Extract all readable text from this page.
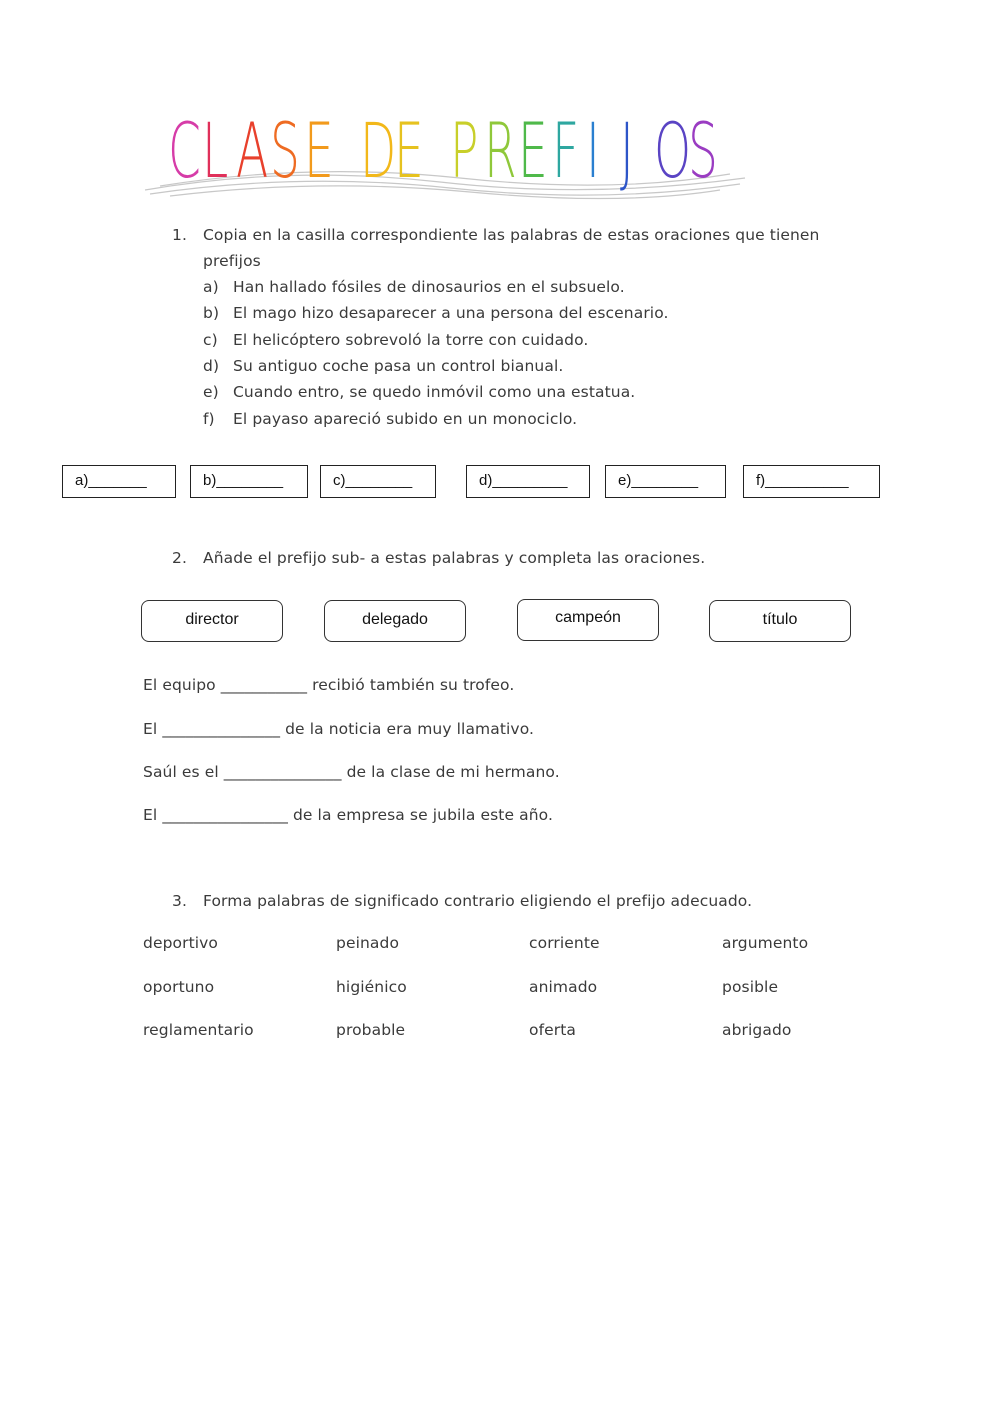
CLASE DE PREFI J OS
1. Copia en la casilla correspondiente las palabras de estas oraciones que tienen
prefijos
a) Han hallado fósiles de dinosaurios en el subsuelo.
b) El mago hizo desaparecer a una persona del escenario.
c) El helicóptero sobrevoló la torre con cuidado.
d) Su antiguo coche pasa un control bianual.
e) Cuando entro, se quedo inmóvil como una estatua.
f) El payaso apareció subido en un monociclo.
a)_______	b)________	c)________	d)_________	e)________	f)__________
2. Añade el prefijo sub- a estas palabras y completa las oraciones.
director	delegado	campeón	título
El equipo ___________ recibió también su trofeo.
El _______________ de la noticia era muy llamativo.
Saúl es el _______________ de la clase de mi hermano.
El ________________ de la empresa se jubila este año.
3. Forma palabras de significado contrario eligiendo el prefijo adecuado.
deportivo	peinado	corriente	argumento
oportuno	higiénico	animado	posible
reglamentario	probable	oferta	abrigado
